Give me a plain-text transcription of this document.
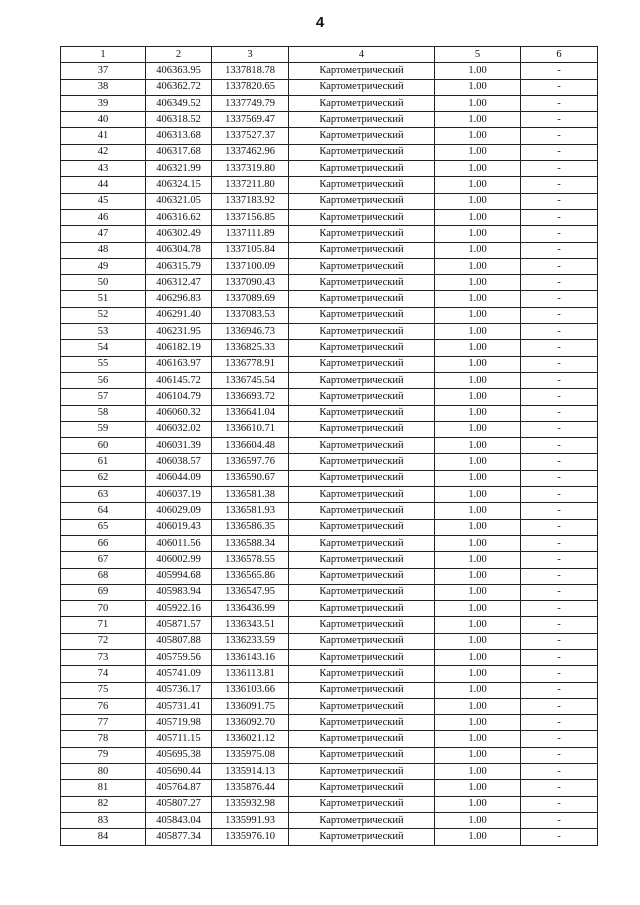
4
1	2	3	4	5	6
37	406363.95	1337818.78	Картометрический	1.00	-
38	406362.72	1337820.65	Картометрический	1.00	-
39	406349.52	1337749.79	Картометрический	1.00	-
40	406318.52	1337569.47	Картометрический	1.00	-
41	406313.68	1337527.37	Картометрический	1.00	-
42	406317.68	1337462.96	Картометрический	1.00	-
43	406321.99	1337319.80	Картометрический	1.00	-
44	406324.15	1337211.80	Картометрический	1.00	-
45	406321.05	1337183.92	Картометрический	1.00	-
46	406316.62	1337156.85	Картометрический	1.00	-
47	406302.49	1337111.89	Картометрический	1.00	-
48	406304.78	1337105.84	Картометрический	1.00	-
49	406315.79	1337100.09	Картометрический	1.00	-
50	406312.47	1337090.43	Картометрический	1.00	-
51	406296.83	1337089.69	Картометрический	1.00	-
52	406291.40	1337083.53	Картометрический	1.00	-
53	406231.95	1336946.73	Картометрический	1.00	-
54	406182.19	1336825.33	Картометрический	1.00	-
55	406163.97	1336778.91	Картометрический	1.00	-
56	406145.72	1336745.54	Картометрический	1.00	-
57	406104.79	1336693.72	Картометрический	1.00	-
58	406060.32	1336641.04	Картометрический	1.00	-
59	406032.02	1336610.71	Картометрический	1.00	-
60	406031.39	1336604.48	Картометрический	1.00	-
61	406038.57	1336597.76	Картометрический	1.00	-
62	406044.09	1336590.67	Картометрический	1.00	-
63	406037.19	1336581.38	Картометрический	1.00	-
64	406029.09	1336581.93	Картометрический	1.00	-
65	406019.43	1336586.35	Картометрический	1.00	-
66	406011.56	1336588.34	Картометрический	1.00	-
67	406002.99	1336578.55	Картометрический	1.00	-
68	405994.68	1336565.86	Картометрический	1.00	-
69	405983.94	1336547.95	Картометрический	1.00	-
70	405922.16	1336436.99	Картометрический	1.00	-
71	405871.57	1336343.51	Картометрический	1.00	-
72	405807.88	1336233.59	Картометрический	1.00	-
73	405759.56	1336143.16	Картометрический	1.00	-
74	405741.09	1336113.81	Картометрический	1.00	-
75	405736.17	1336103.66	Картометрический	1.00	-
76	405731.41	1336091.75	Картометрический	1.00	-
77	405719.98	1336092.70	Картометрический	1.00	-
78	405711.15	1336021.12	Картометрический	1.00	-
79	405695.38	1335975.08	Картометрический	1.00	-
80	405690.44	1335914.13	Картометрический	1.00	-
81	405764.87	1335876.44	Картометрический	1.00	-
82	405807.27	1335932.98	Картометрический	1.00	-
83	405843.04	1335991.93	Картометрический	1.00	-
84	405877.34	1335976.10	Картометрический	1.00	-
